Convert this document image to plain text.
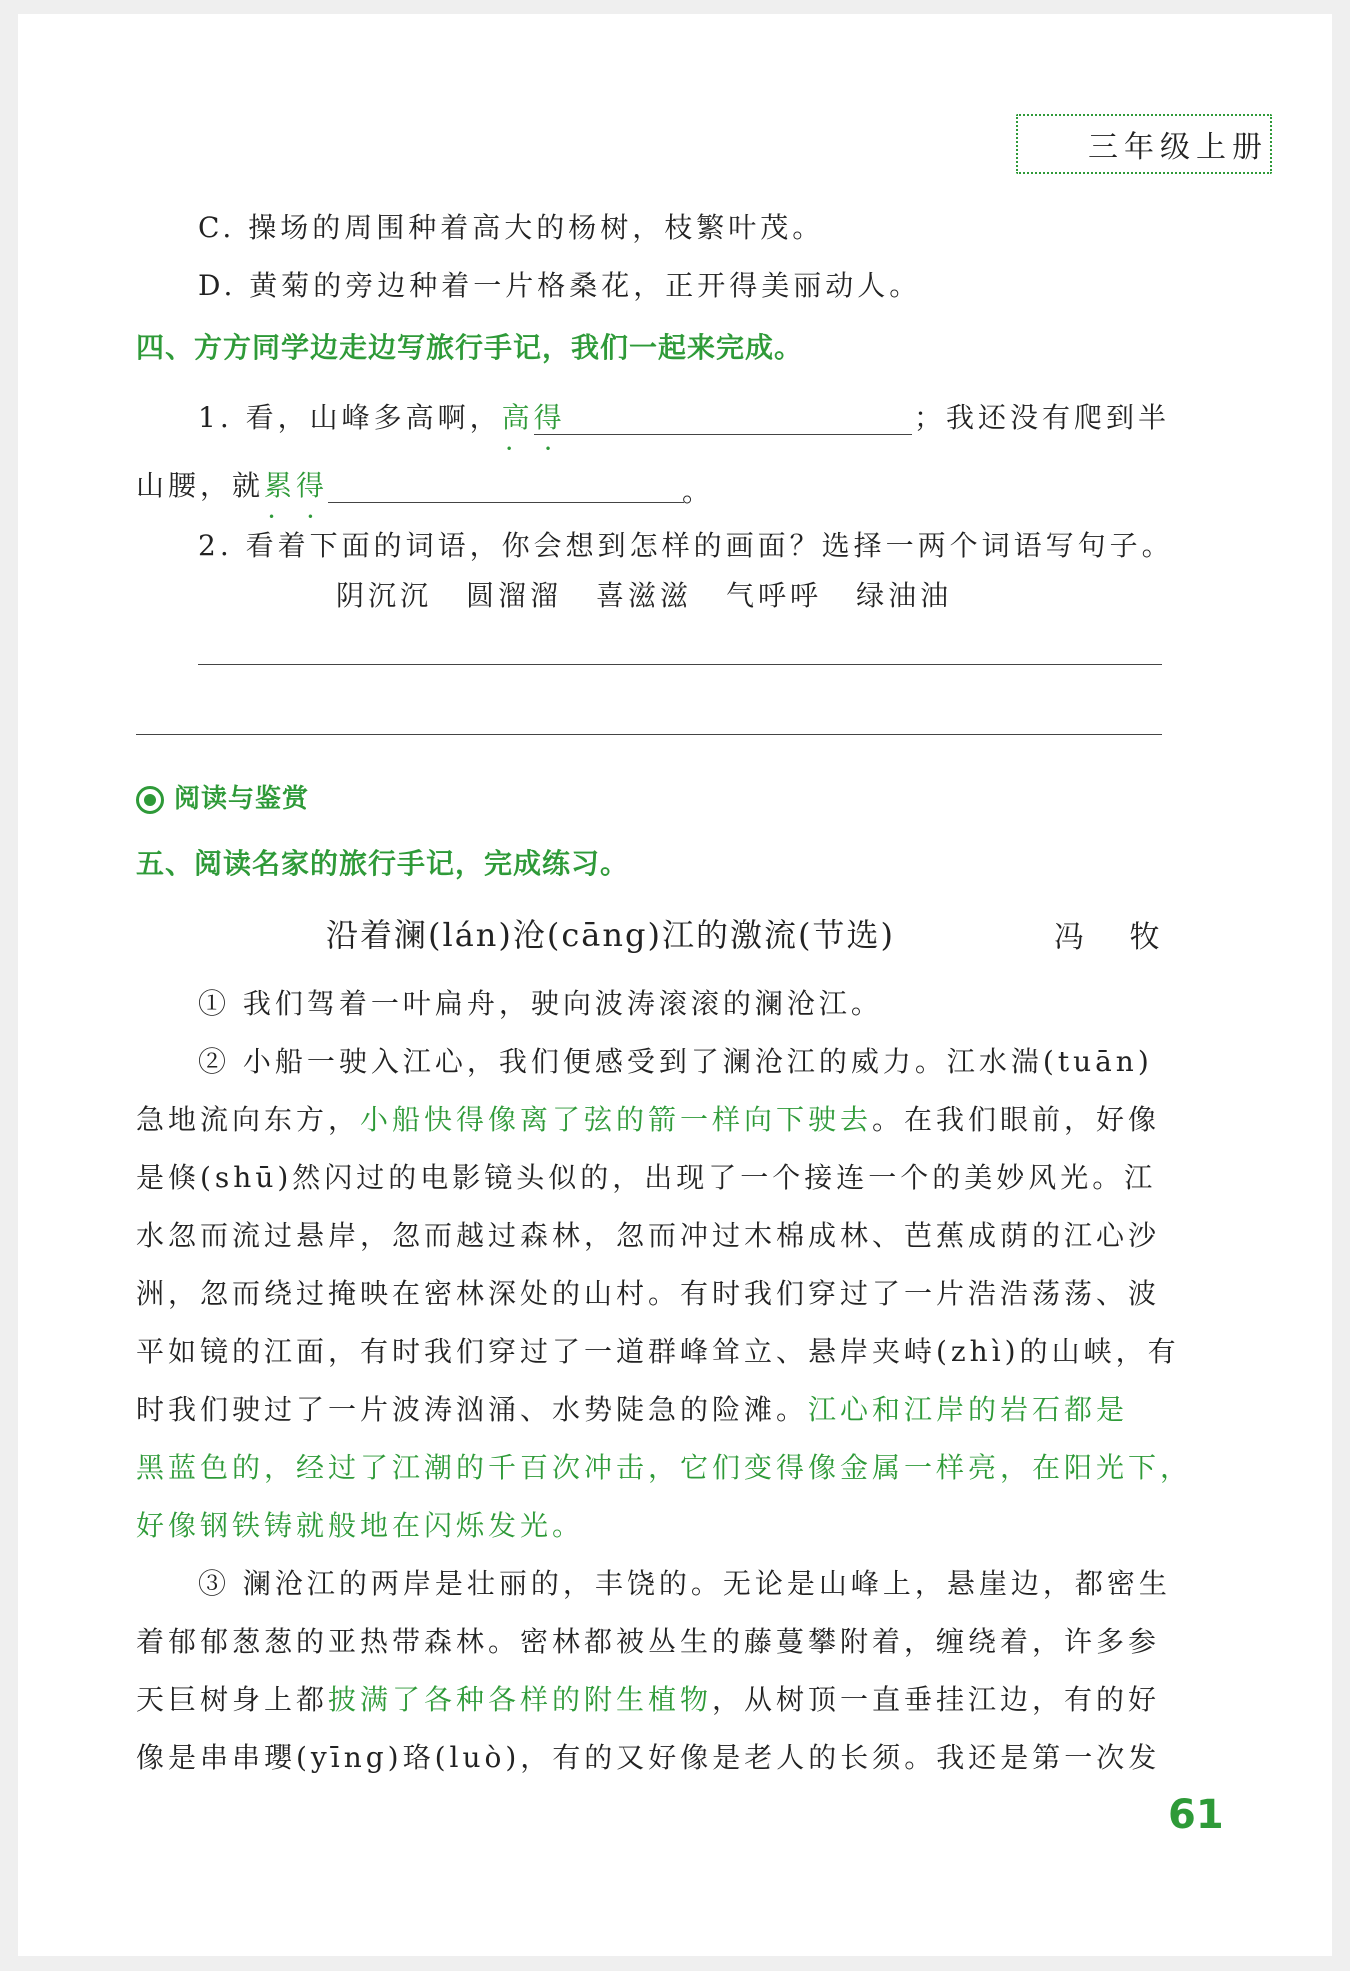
三年级上册
C. 操场的周围种着高大的杨树，枝繁叶茂。
D. 黄菊的旁边种着一片格桑花，正开得美丽动人。
四、方方同学边走边写旅行手记，我们一起来完成。
1. 看，山峰多高啊，高得 • •	；我还没有爬到半
山腰，就累得 • •	。
2. 看着下面的词语，你会想到怎样的画面？选择一两个词语写句子。
阴沉沉 圆溜溜 喜滋滋 气呼呼 绿油油
阅读与鉴赏
五、阅读名家的旅行手记，完成练习。
沿着澜(lán)沧(cāng)江的激流(节选)	冯 牧
① 我们驾着一叶扁舟，驶向波涛滚滚的澜沧江。
② 小船一驶入江心，我们便感受到了澜沧江的威力。江水湍(tuān)
急地流向东方，小船快得像离了弦的箭一样向下驶去。在我们眼前，好像
是倏(shū)然闪过的电影镜头似的，出现了一个接连一个的美妙风光。江
水忽而流过悬岸，忽而越过森林，忽而冲过木棉成林、芭蕉成荫的江心沙
洲，忽而绕过掩映在密林深处的山村。有时我们穿过了一片浩浩荡荡、波
平如镜的江面，有时我们穿过了一道群峰耸立、悬岸夹峙(zhì)的山峡，有
时我们驶过了一片波涛汹涌、水势陡急的险滩。江心和江岸的岩石都是
黑蓝色的，经过了江潮的千百次冲击，它们变得像金属一样亮，在阳光下，
好像钢铁铸就般地在闪烁发光。
③ 澜沧江的两岸是壮丽的，丰饶的。无论是山峰上，悬崖边，都密生
着郁郁葱葱的亚热带森林。密林都被丛生的藤蔓攀附着，缠绕着，许多参
天巨树身上都披满了各种各样的附生植物，从树顶一直垂挂江边，有的好
像是串串瓔(yīng)珞(luò)，有的又好像是老人的长须。我还是第一次发
61
